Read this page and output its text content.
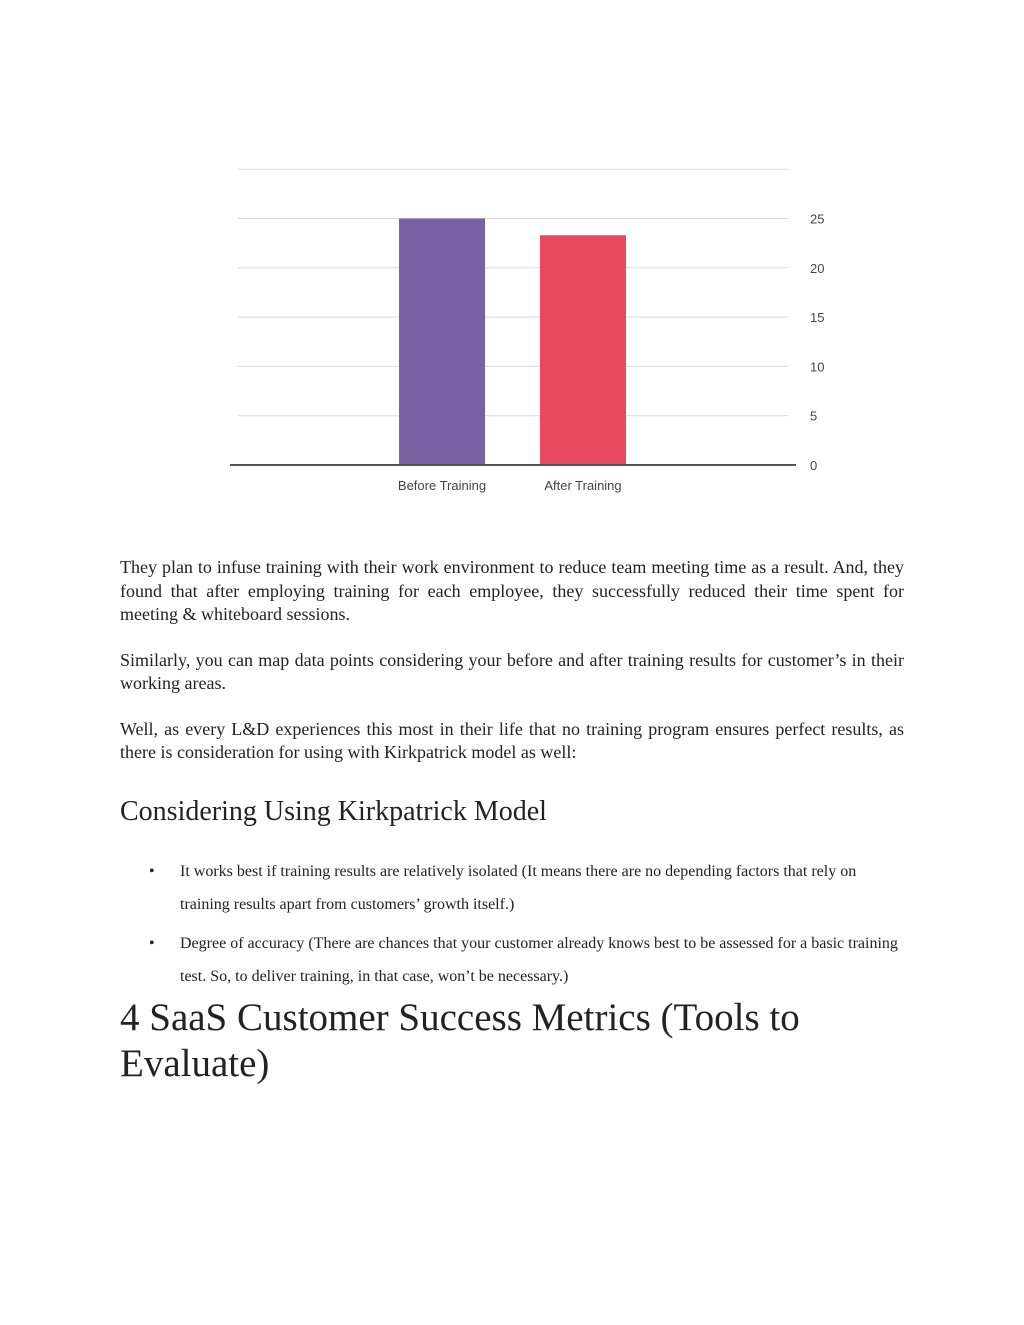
0
5
10
15
20
25
Before Training	After Training

They plan to infuse training with their work environment to reduce team meeting time as a result. And, they found that after employing training for each employee, they successfully reduced their time spent for meeting & whiteboard sessions.

Similarly, you can map data points considering your before and after training results for customer’s in their working areas.

Well, as every L&D experiences this most in their life that no training program ensures perfect results, as there is consideration for using with Kirkpatrick model as well:

Considering Using Kirkpatrick Model
• It works best if training results are relatively isolated (It means there are no depending factors that rely on training results apart from customers’ growth itself.)
• Degree of accuracy (There are chances that your customer already knows best to be assessed for a basic training test. So, to deliver training, in that case, won’t be necessary.)
4 SaaS Customer Success Metrics (Tools to Evaluate)
